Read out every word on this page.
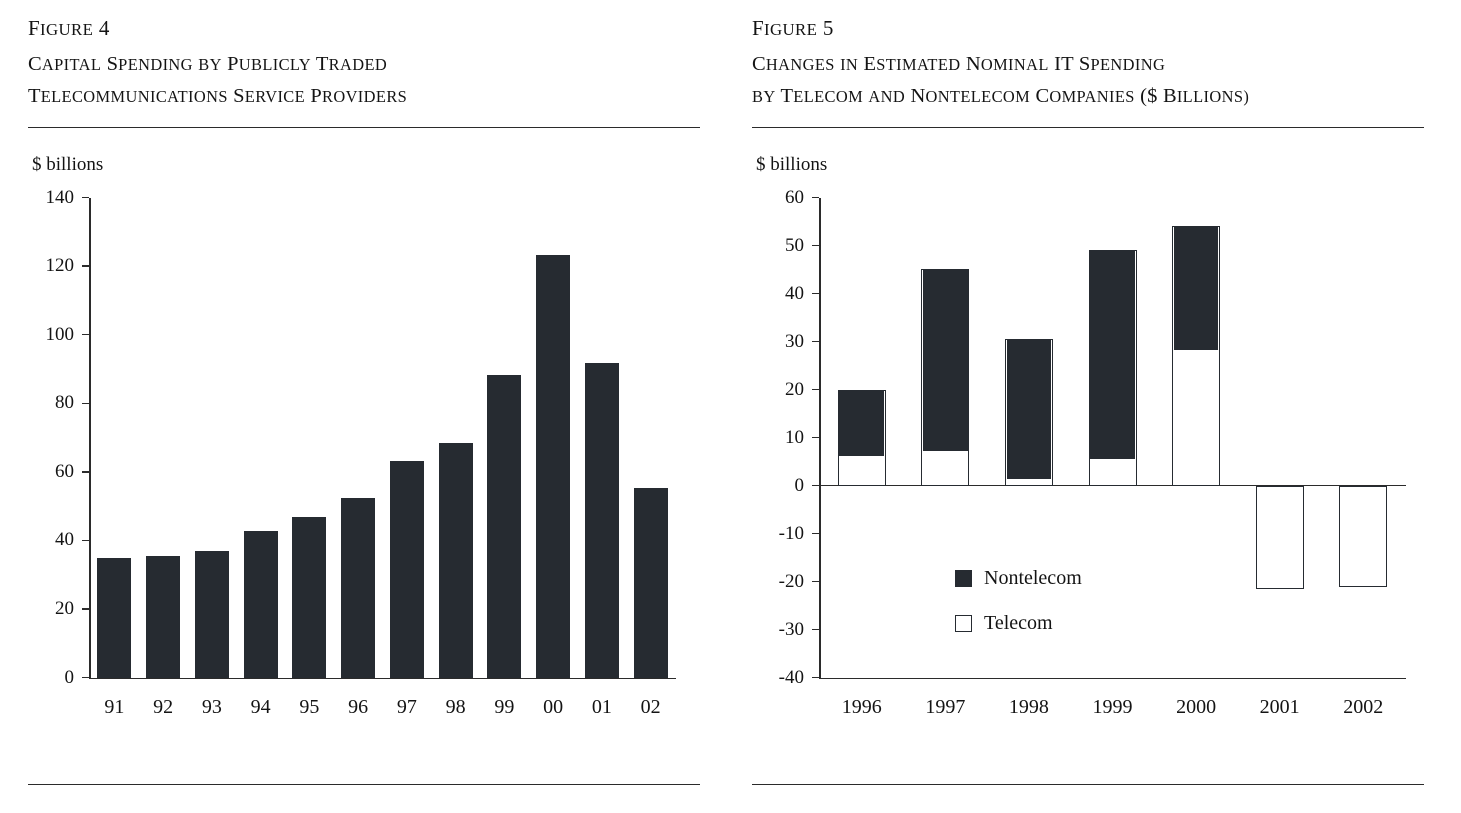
FIGURE 4
CAPITAL SPENDING BY PUBLICLY TRADED
TELECOMMUNICATIONS SERVICE PROVIDERS
$ billions
0
20
40
60
80
100
120
140
91	92	93	94	95	96	97	98	99	00	01	02
FIGURE 5
CHANGES IN ESTIMATED NOMINAL IT SPENDING
BY TELECOM AND NONTELECOM COMPANIES ($ BILLIONS)
$ billions
-40
-30
-20
-10
0
10
20
30
40
50
60
1996	1997	1998	1999	2000	2001	2002
Nontelecom
Telecom
